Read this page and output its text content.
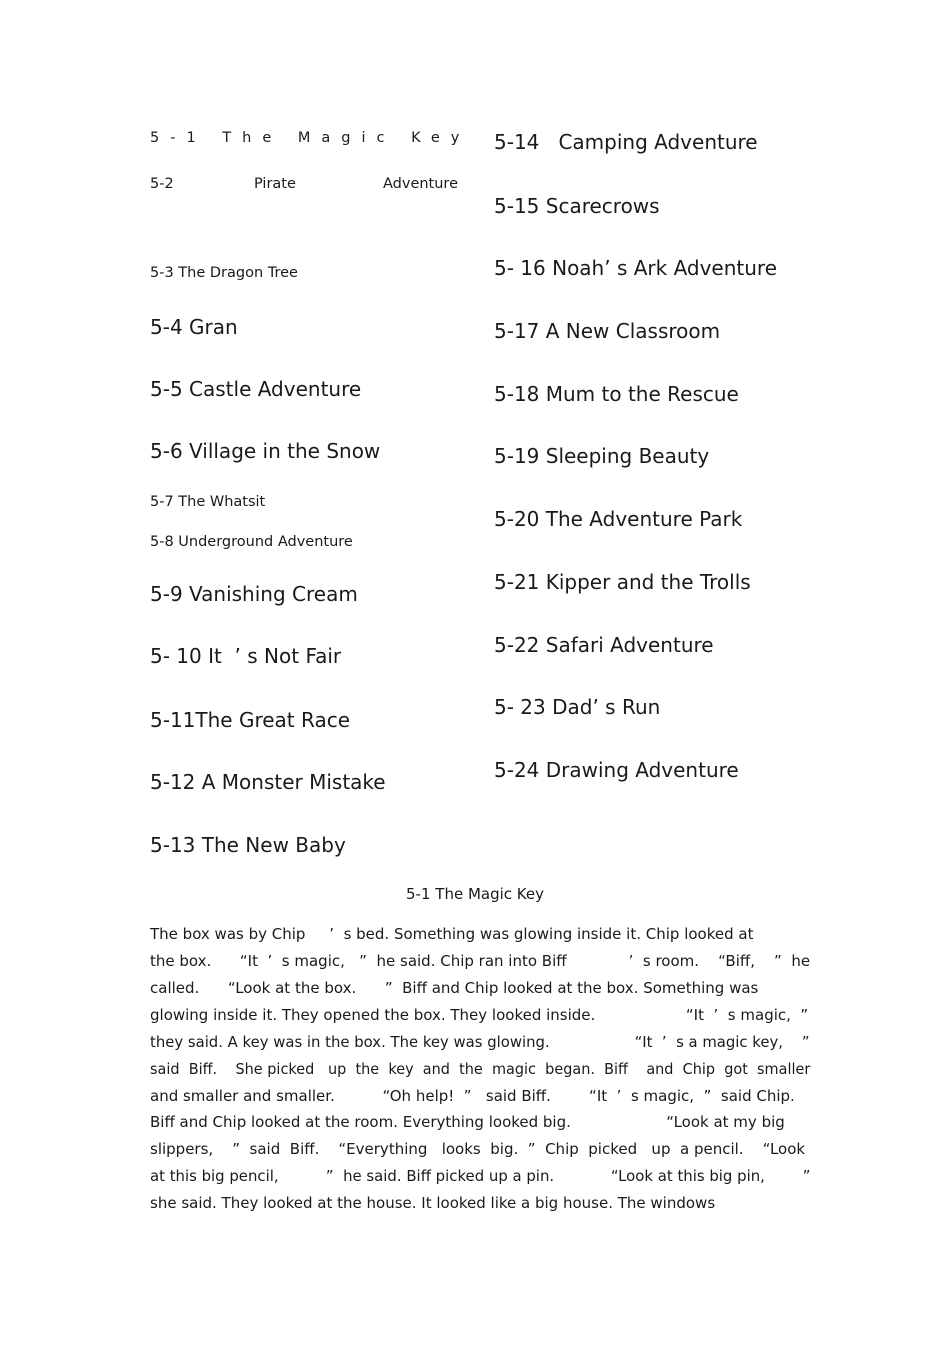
5-1 The Magic Key
5-2	Pirate	Adventure
5-3 The Dragon Tree
5-4 Gran
5-5 Castle Adventure
5-6 Village in the Snow
5-7 The Whatsit
5-8 Underground Adventure
5-9 Vanishing Cream
5- 10 It  ’ s Not Fair
5-11The Great Race
5-12 A Monster Mistake
5-13 The New Baby
5-14   Camping Adventure
5-15 Scarecrows
5- 16 Noah’ s Ark Adventure
5-17 A New Classroom
5-18 Mum to the Rescue
5-19 Sleeping Beauty
5-20 The Adventure Park
5-21 Kipper and the Trolls
5-22 Safari Adventure
5- 23 Dad’ s Run
5-24 Drawing Adventure
5-1 The Magic Key
The box was by Chip     ’  s bed. Something was glowing inside it. Chip looked at
the box.      “It  ’  s magic,   ”  he said. Chip ran into Biff             ’  s room.    “Biff,    ”  he
called.      “Look at the box.      ”  Biff and Chip looked at the box. Something was
glowing inside it. They opened the box. They looked inside.                   “It  ’  s magic,  ”
they said. A key was in the box. The key was glowing.                  “It  ’  s a magic key,    ”
said  Biff.    She picked   up  the  key  and  the  magic  began.  Biff    and  Chip  got  smaller
and smaller and smaller.          “Oh help!  ”   said Biff.        “It  ’  s magic,  ”  said Chip.
Biff and Chip looked at the room. Everything looked big.                    “Look at my big
slippers,    ”  said  Biff.    “Everything   looks  big.  ”  Chip  picked   up  a pencil.    “Look
at this big pencil,          ”  he said. Biff picked up a pin.            “Look at this big pin,        ”
she said. They looked at the house. It looked like a big house. The windows
